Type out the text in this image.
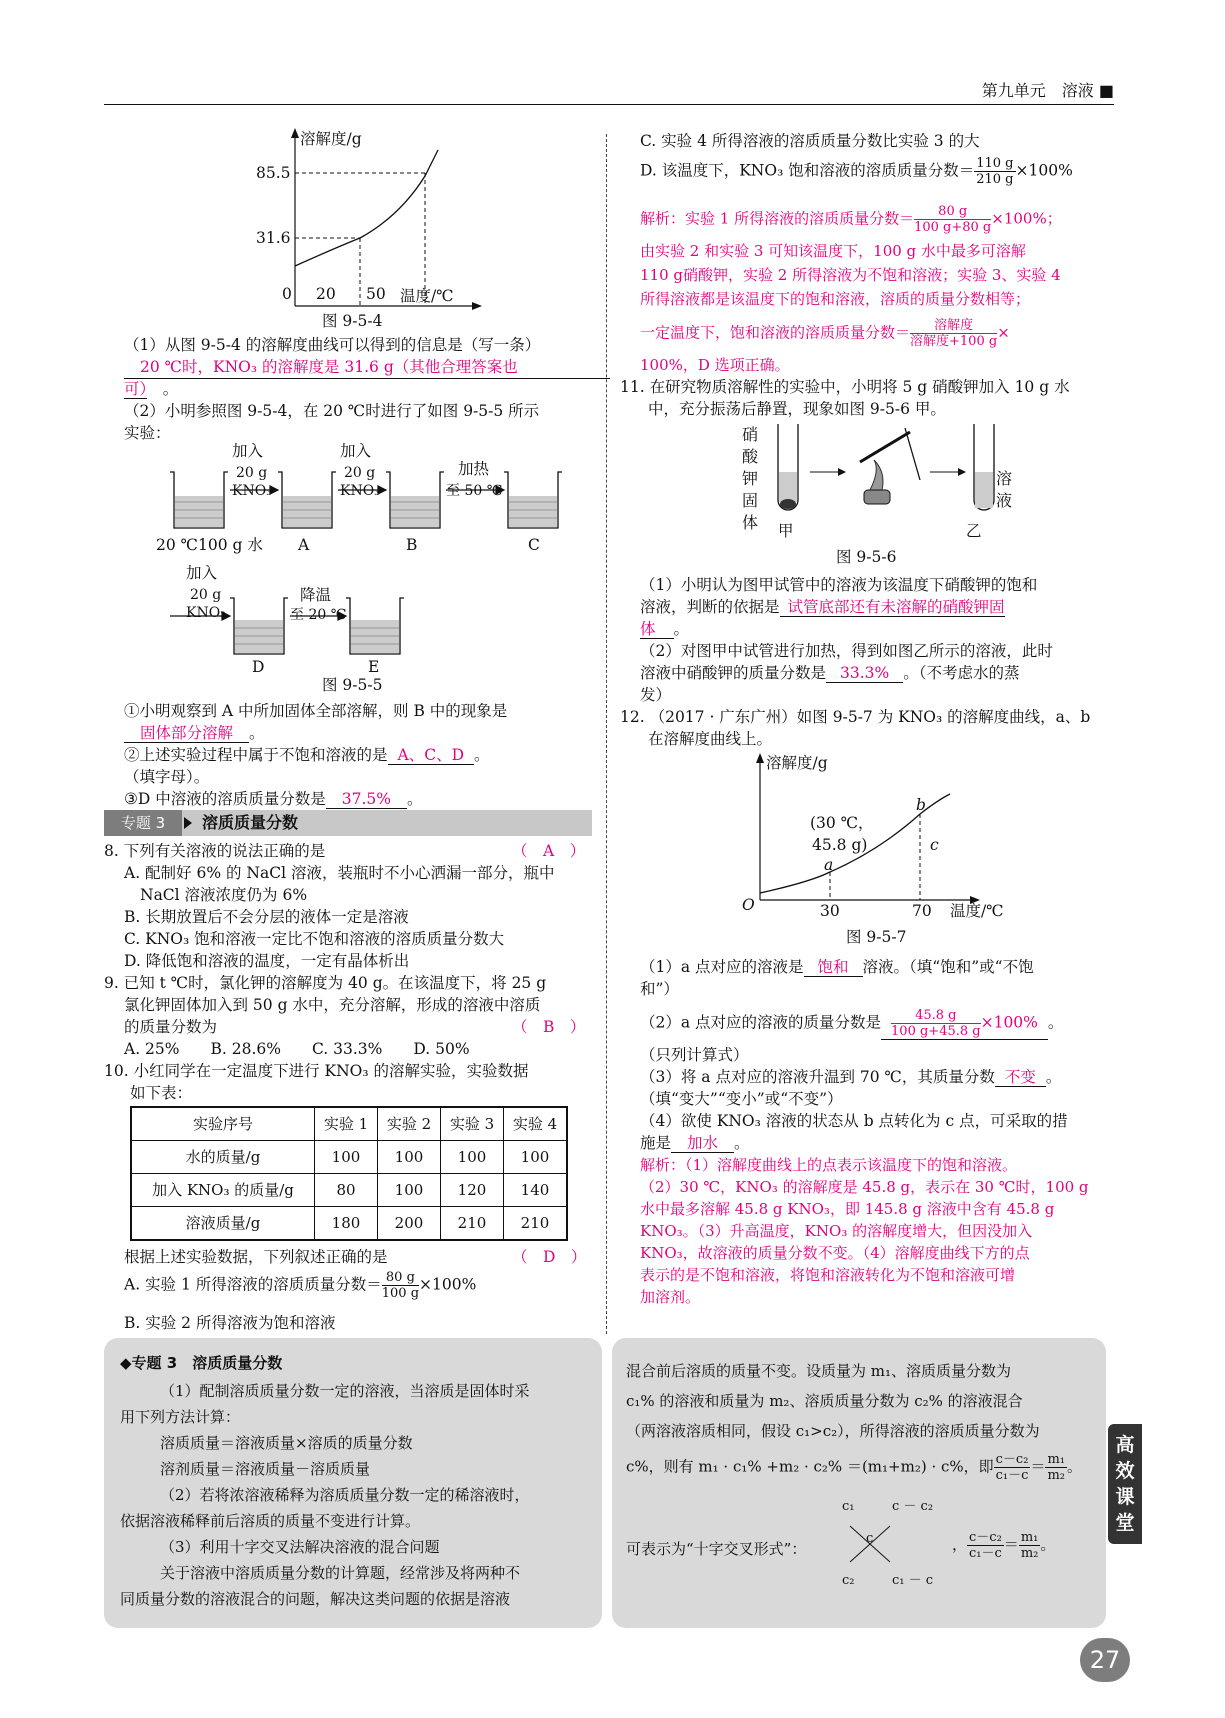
第九单元　溶液 ■
溶解度/g
85.5
31.6
0 20 50 温度/℃
图 9-5-4
（1）从图 9-5-4 的溶解度曲线可以得到的信息是（写一条）
20 ℃时，KNO₃ 的溶解度是 31.6 g（其他合理答案也
可）　 。
（2）小明参照图 9-5-4，在 20 ℃时进行了如图 9-5-5 所示
实验：
加入
20 g
KNO₃
加入
20 g
KNO₃
加热
至 50 ℃
20 ℃100 g 水 A	B	C
加入
20 g
KNO₃
降温
至 20 ℃
D	E
图 9-5-5
①小明观察到 A 中所加固体全部溶解，则 B 中的现象是
固体部分溶解 。
②上述实验过程中属于不饱和溶液的是 A、C、D 。
（填字母）。
③D 中溶液的溶质质量分数是 37.5% 。
专题 3	溶质质量分数
8. 下列有关溶液的说法正确的是	（　A　）
A. 配制好 6% 的 NaCl 溶液，装瓶时不小心洒漏一部分，瓶中
NaCl 溶液浓度仍为 6%
B. 长期放置后不会分层的液体一定是溶液
C. KNO₃ 饱和溶液一定比不饱和溶液的溶质质量分数大
D. 降低饱和溶液的温度，一定有晶体析出
9. 已知 t ℃时，氯化钾的溶解度为 40 g。在该温度下，将 25 g
氯化钾固体加入到 50 g 水中，充分溶解，形成的溶液中溶质
的质量分数为	（　B　）
A. 25%　　B. 28.6%　　C. 33.3%　　D. 50%
10. 小红同学在一定温度下进行 KNO₃ 的溶解实验，实验数据
如下表：
实验序号	实验 1	实验 2	实验 3	实验 4
水的质量/g	100	100	100	100
加入 KNO₃ 的质量/g	80	100	120	140
溶液质量/g	180	200	210	210
根据上述实验数据，下列叙述正确的是	（　D　）
A. 实验 1 所得溶液的溶质质量分数＝ $\frac{80 g}{100 g} \times 100\%$
B. 实验 2 所得溶液为饱和溶液
C. 实验 4 所得溶液的溶质质量分数比实验 3 的大
D. 该温度下，KNO₃ 饱和溶液的溶质质量分数＝ $\frac{110 g}{210 g} \times 100\%$
解析：实验 1 所得溶液的溶质质量分数＝ $\frac{80 g}{100 g+80 g} \times 100\%$；
由实验 2 和实验 3 可知该温度下，100 g 水中最多可溶解
110 g硝酸钾，实验 2 所得溶液为不饱和溶液；实验 3、实验 4
所得溶液都是该温度下的饱和溶液，溶质的质量分数相等；
一定温度下，饱和溶液的溶质质量分数＝ $\frac{\text{溶解度}}{\text{溶解度+100 g}}$ ×
100%，D 选项正确。
11. 在研究物质溶解性的实验中，小明将 5 g 硝酸钾加入 10 g 水
中，充分振荡后静置，现象如图 9-5-6 甲。
硝酸钾固体
溶液
甲	乙
图 9-5-6
（1）小明认为图甲试管中的溶液为该温度下硝酸钾的饱和
溶液，判断的依据是 试管底部还有未溶解的硝酸钾固
体 。
（2）对图甲中试管进行加热，得到如图乙所示的溶液，此时
溶液中硝酸钾的质量分数是 33.3% 。（不考虑水的蒸
发）
12. （2017 · 广东广州）如图 9-5-7 为 KNO₃ 的溶解度曲线，a、b
在溶解度曲线上。
溶解度/g
(30 ℃，
45.8 g)
a
b
c
O	30	70 温度/℃
图 9-5-7
（1）a 点对应的溶液是 饱和 溶液。（填“饱和”或“不饱
和”）
（2）a 点对应的溶液的质量分数是 $\frac{45.8 g}{100 g+45.8 g} \times 100\%$ 。
（只列计算式）
（3）将 a 点对应的溶液升温到 70 ℃，其质量分数 不变 。
（填“变大”“变小”或“不变”）
（4）欲使 KNO₃ 溶液的状态从 b 点转化为 c 点，可采取的措
施是 加水 。
解析：（1）溶解度曲线上的点表示该温度下的饱和溶液。
（2）30 ℃，KNO₃ 的溶解度是 45.8 g，表示在 30 ℃时，100 g
水中最多溶解 45.8 g KNO₃，即 145.8 g 溶液中含有 45.8 g
KNO₃。（3）升高温度，KNO₃ 的溶解度增大，但因没加入
KNO₃，故溶液的质量分数不变。（4）溶解度曲线下方的点
表示的是不饱和溶液，将饱和溶液转化为不饱和溶液可增
加溶剂。
◆专题 3　溶质质量分数
（1）配制溶质质量分数一定的溶液，当溶质是固体时采
用下列方法计算：
溶质质量＝溶液质量×溶质的质量分数
溶剂质量＝溶液质量－溶质质量
（2）若将浓溶液稀释为溶质质量分数一定的稀溶液时，
依据溶液稀释前后溶质的质量不变进行计算。
（3）利用十字交叉法解决溶液的混合问题
关于溶液中溶质质量分数的计算题，经常涉及将两种不
同质量分数的溶液混合的问题，解决这类问题的依据是溶液
混合前后溶质的质量不变。设质量为 m₁、溶质质量分数为
c₁% 的溶液和质量为 m₂、溶质质量分数为 c₂% 的溶液混合
（两溶液溶质相同，假设 c₁>c₂），所得溶液的溶质质量分数为
c%，则有 m₁ · c₁% +m₂ · c₂% ＝(m₁+m₂) · c%，即 $\frac{\text{c－c₂}}{\text{c₁－c}} = \frac{\text{m₁}}{\text{m₂}}$ 。
可表示为“十字交叉形式”：
c₁	c － c₂
c
c₂	c₁ － c
， $\frac{\text{c－c₂}}{\text{c₁－c}} = \frac{\text{m₁}}{\text{m₂}}$ 。
高效课堂
27
